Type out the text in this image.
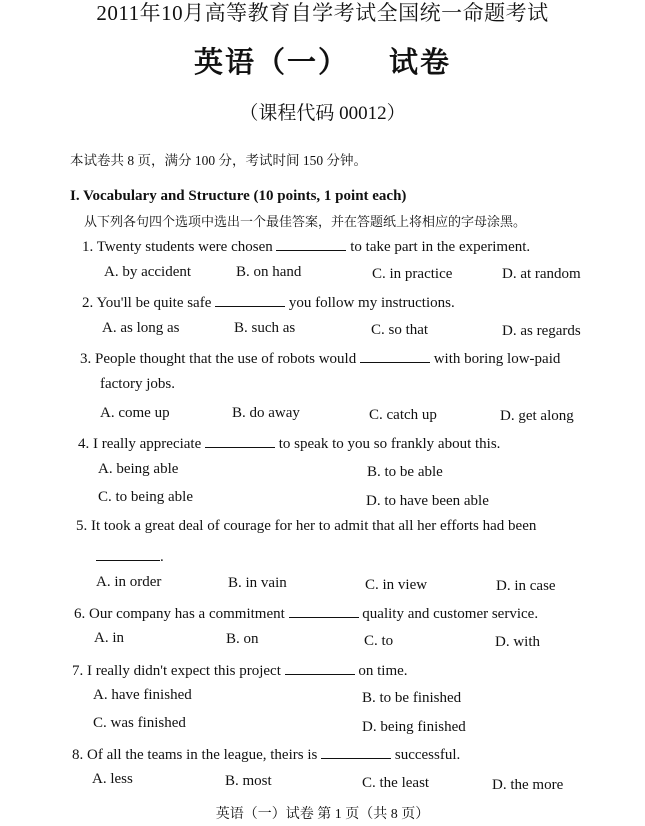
2011年10月高等教育自学考试全国统一命题考试
英语（一） 试卷
（课程代码 00012）
本试卷共 8 页，满分 100 分，考试时间 150 分钟。
I. Vocabulary and Structure (10 points, 1 point each)
从下列各句四个选项中选出一个最佳答案，并在答题纸上将相应的字母涂黑。
1. Twenty students were chosen	to take part in the experiment.
A. by accident	B. on hand	C. in practice	D. at random
2. You'll be quite safe	you follow my instructions.
A. as long as	B. such as	C. so that	D. as regards
3. People thought that the use of robots would	with boring low-paid
factory jobs.
A. come up	B. do away	C. catch up	D. get along
4. I really appreciate	to speak to you so frankly about this.
A. being able	B. to be able
C. to being able	D. to have been able
5. It took a great deal of courage for her to admit that all her efforts had been
.
A. in order	B. in vain	C. in view	D. in case
6. Our company has a commitment	quality and customer service.
A. in	B. on	C. to	D. with
7. I really didn't expect this project	on time.
A. have finished	B. to be finished
C. was finished	D. being finished
8. Of all the teams in the league, theirs is	successful.
A. less	B. most	C. the least	D. the more
英语（一）试卷 第 1 页（共 8 页）
